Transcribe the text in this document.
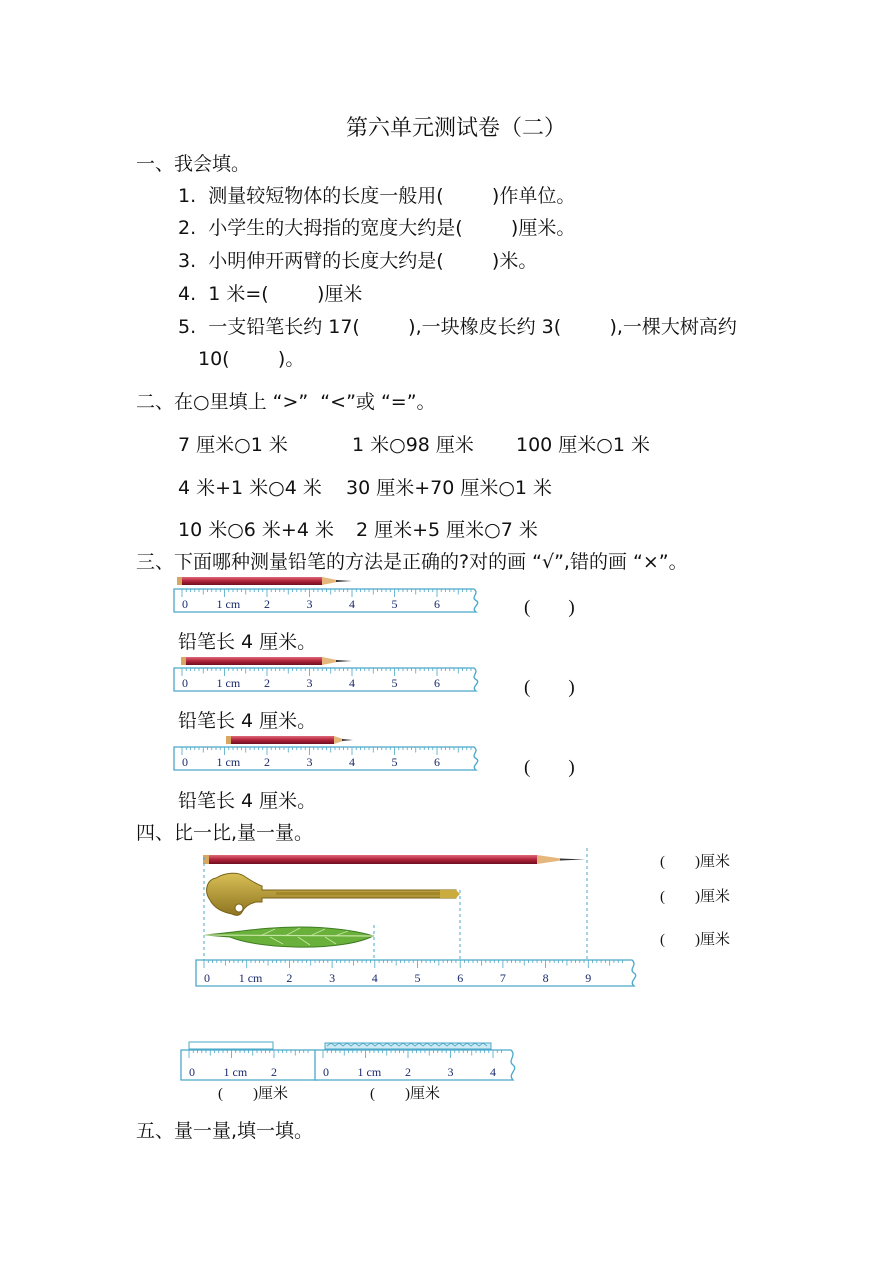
第六单元测试卷（二）
一、我会填。
1.  测量较短物体的长度一般用(        )作单位。
2.  小学生的大拇指的宽度大约是(        )厘米。
3.  小明伸开两臂的长度大约是(        )米。
4.  1 米=(        )厘米
5.  一支铅笔长约 17(        ),一块橡皮长约 3(        ),一棵大树高约
10(        )。
二、在○里填上 “>”  “<”或 “=”。
7 厘米○1 米	1 米○98 厘米 100 厘米○1 米
4 米+1 米○4 米 30 厘米+70 厘米○1 米
10 米○6 米+4 米 2 厘米+5 厘米○7 米
三、下面哪种测量铅笔的方法是正确的?对的画 “√”,错的画 “×”。
(        )
铅笔长 4 厘米。
(        )
铅笔长 4 厘米。
(        )
铅笔长 4 厘米。
四、比一比,量一量。
(        )厘米
(        )厘米
(        )厘米
(        )厘米	(        )厘米
五、量一量,填一填。
0 1 cm 2	3	4	5	6
0 1 cm 2	3	4	5	6
0 1 cm 2	3	4	5	6
0 1 cm 2	3	4	5	6	7	8	9
0 1 cm 2	0 1 cm 2	3	4
